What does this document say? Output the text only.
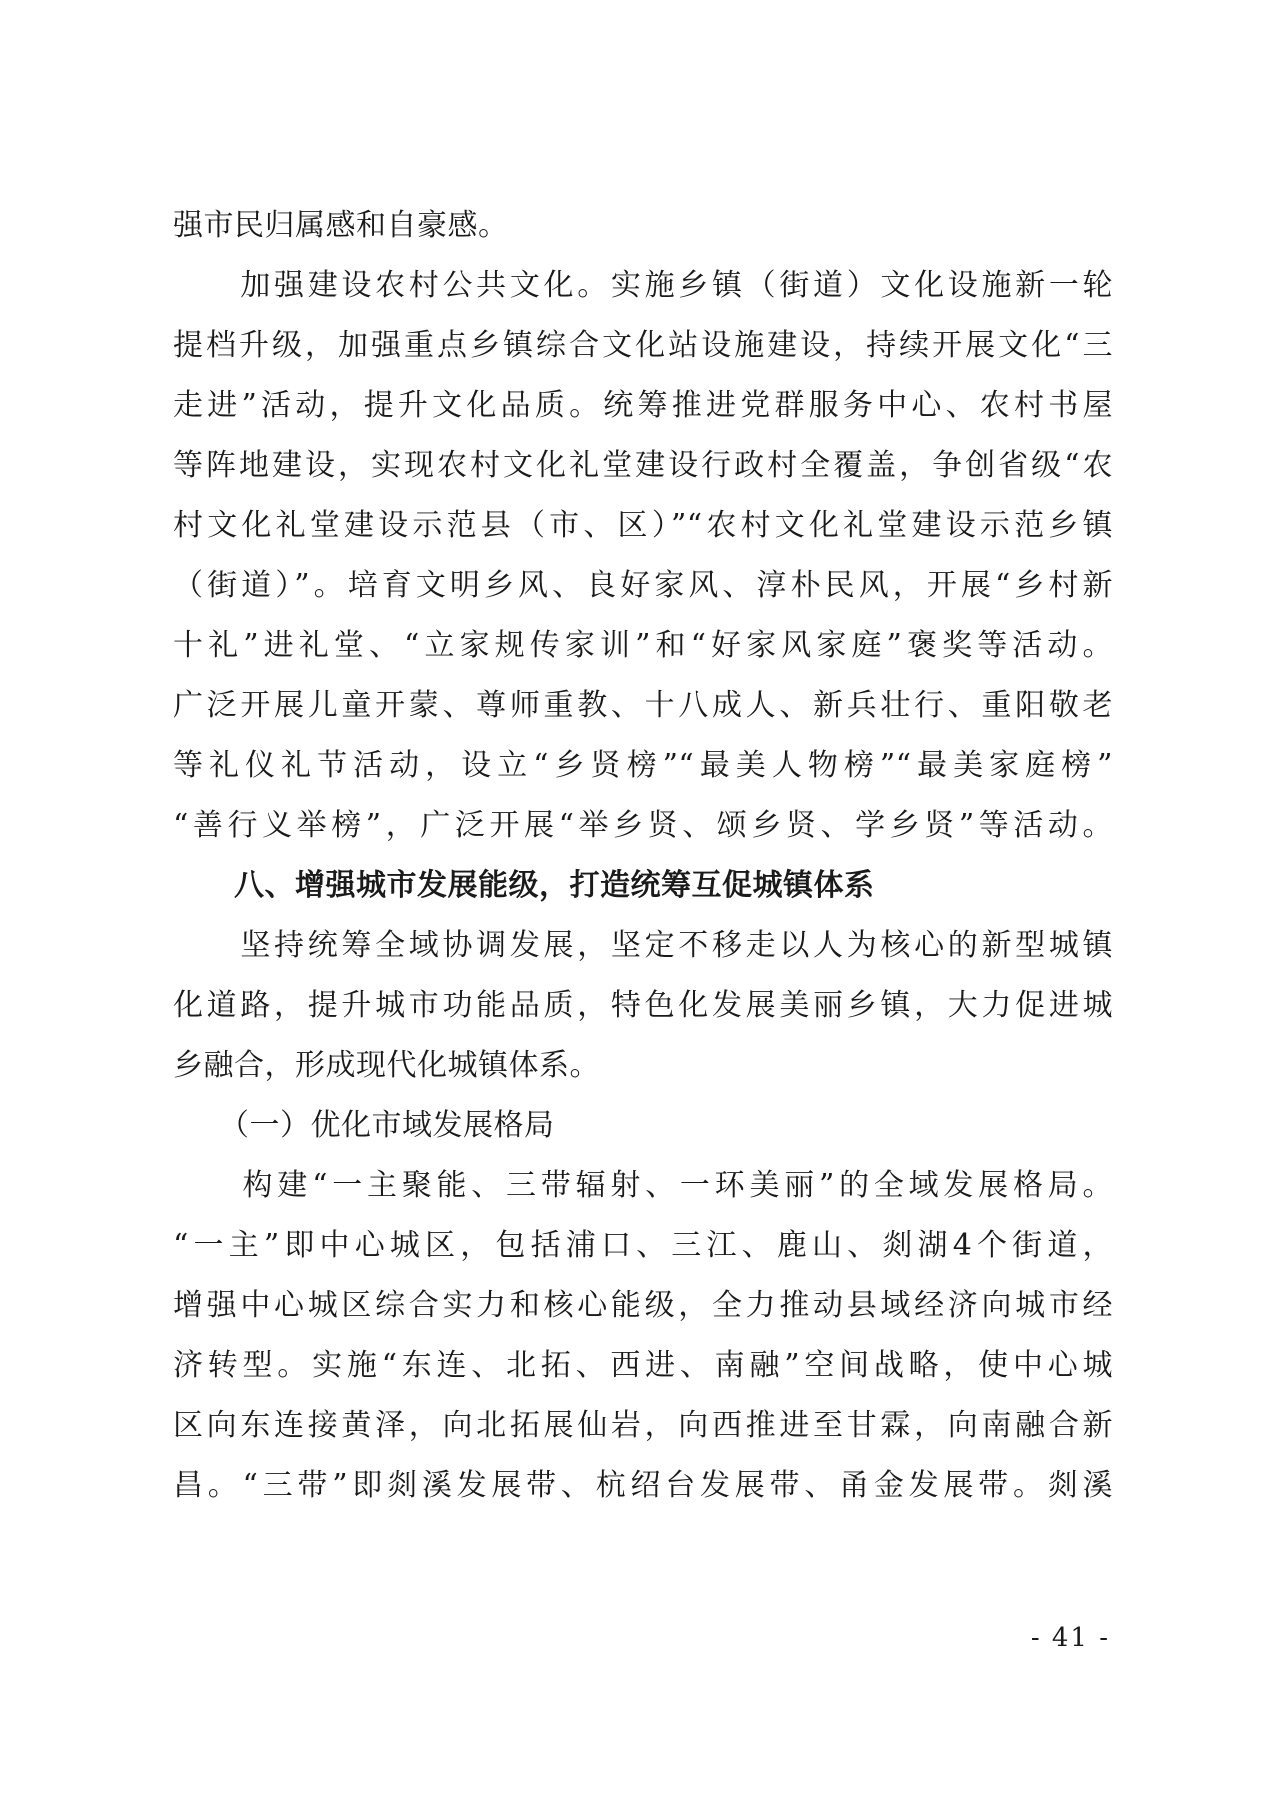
强市民归属感和自豪感。
　　加强建设农村公共文化。实施乡镇（街道）文化设施新一轮
提档升级，加强重点乡镇综合文化站设施建设，持续开展文化“三
走进”活动，提升文化品质。统筹推进党群服务中心、农村书屋
等阵地建设，实现农村文化礼堂建设行政村全覆盖，争创省级“农
村文化礼堂建设示范县（市、区）”“农村文化礼堂建设示范乡镇
（街道）”。培育文明乡风、良好家风、淳朴民风，开展“乡村新
十礼”进礼堂、“立家规传家训”和“好家风家庭”褒奖等活动。
广泛开展儿童开蒙、尊师重教、十八成人、新兵壮行、重阳敬老
等礼仪礼节活动，设立“乡贤榜”“最美人物榜”“最美家庭榜”
“善行义举榜”，广泛开展“举乡贤、颂乡贤、学乡贤”等活动。
　　八、增强城市发展能级，打造统筹互促城镇体系
　　坚持统筹全域协调发展，坚定不移走以人为核心的新型城镇
化道路，提升城市功能品质，特色化发展美丽乡镇，大力促进城
乡融合，形成现代化城镇体系。
　　（一）优化市域发展格局
　　构建“一主聚能、三带辐射、一环美丽”的全域发展格局。
“一主”即中心城区，包括浦口、三江、鹿山、剡湖4个街道，
增强中心城区综合实力和核心能级，全力推动县域经济向城市经
济转型。实施“东连、北拓、西进、南融”空间战略，使中心城
区向东连接黄泽，向北拓展仙岩，向西推进至甘霖，向南融合新
昌。“三带”即剡溪发展带、杭绍台发展带、甬金发展带。剡溪
- 41 -
